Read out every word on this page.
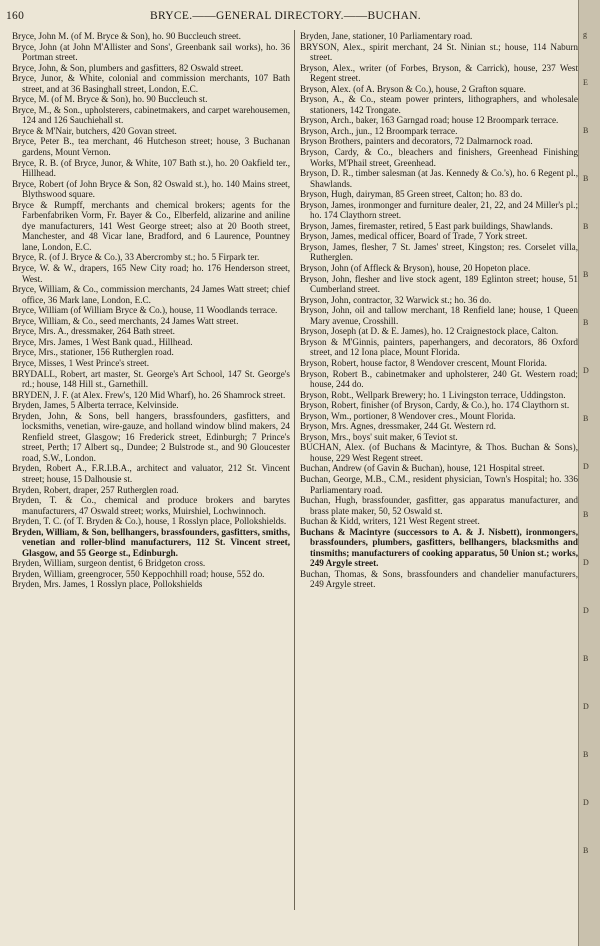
160	BRYCE.——GENERAL DIRECTORY.——BUCHAN.

Bryce, John M. (of M. Bryce & Son), ho. 90 Buccleuch street.

Bryce, John (at John M'Allister and Sons', Greenbank sail works), ho. 36 Portman street.

Bryce, John, & Son, plumbers and gasfitters, 82 Oswald street.

Bryce, Junor, & White, colonial and commission merchants, 107 Bath street, and at 36 Basinghall street, London, E.C.

Bryce, M. (of M. Bryce & Son), ho. 90 Buccleuch st.

Bryce, M., & Son., upholsterers, cabinetmakers, and carpet warehousemen, 124 and 126 Sauchiehall st.

Bryce & M'Nair, butchers, 420 Govan street.

Bryce, Peter B., tea merchant, 46 Hutcheson street; house, 3 Buchanan gardens, Mount Vernon.

Bryce, R. B. (of Bryce, Junor, & White, 107 Bath st.), ho. 20 Oakfield ter., Hillhead.

Bryce, Robert (of John Bryce & Son, 82 Oswald st.), ho. 140 Mains street, Blythswood square.

Bryce & Rumpff, merchants and chemical brokers; agents for the Farbenfabriken Vorm, Fr. Bayer & Co., Elberfeld, alizarine and aniline dye manufacturers, 141 West George street; also at 20 Booth street, Manchester, and 48 Vicar lane, Bradford, and 6 Laurence, Pountney lane, London, E.C.

Bryce, R. (of J. Bryce & Co.), 33 Abercromby st.; ho. 5 Firpark ter.

Bryce, W. & W., drapers, 165 New City road; ho. 176 Henderson street, West.

Bryce, William, & Co., commission merchants, 24 James Watt street; chief office, 36 Mark lane, London, E.C.

Bryce, William (of William Bryce & Co.), house, 11 Woodlands terrace.

Bryce, William, & Co., seed merchants, 24 James Watt street.

Bryce, Mrs. A., dressmaker, 264 Bath street.

Bryce, Mrs. James, 1 West Bank quad., Hillhead.

Bryce, Mrs., stationer, 156 Rutherglen road.

Bryce, Misses, 1 West Prince's street.

BRYDALL, Robert, art master, St. George's Art School, 147 St. George's rd.; house, 148 Hill st., Garnethill.

BRYDEN, J. F. (at Alex. Frew's, 120 Mid Wharf), ho. 26 Shamrock street.

Bryden, James, 5 Alberta terrace, Kelvinside.

Bryden, John, & Sons, bell hangers, brassfounders, gasfitters, and locksmiths, venetian, wire-gauze, and holland window blind makers, 24 Renfield street, Glasgow; 16 Frederick street, Edinburgh; 7 Prince's street, Perth; 17 Albert sq., Dundee; 2 Bulstrode st., and 90 Gloucester road, S.W., London.

Bryden, Robert A., F.R.I.B.A., architect and valuator, 212 St. Vincent street; house, 15 Dalhousie st.

Bryden, Robert, draper, 257 Rutherglen road.

Bryden, T. & Co., chemical and produce brokers and barytes manufacturers, 47 Oswald street; works, Muirshiel, Lochwinnoch.

Bryden, T. C. (of T. Bryden & Co.), house, 1 Rosslyn place, Pollokshields.

Bryden, William, & Son, bellhangers, brassfounders, gasfitters, smiths, venetian and roller-blind manufacturers, 112 St. Vincent street, Glasgow, and 55 George st., Edinburgh.

Bryden, William, surgeon dentist, 6 Bridgeton cross.

Bryden, William, greengrocer, 550 Keppochhill road; house, 552 do.

Bryden, Mrs. James, 1 Rosslyn place, Pollokshields

Bryden, Jane, stationer, 10 Parliamentary road.

BRYSON, Alex., spirit merchant, 24 St. Ninian st.; house, 114 Naburn street.

Bryson, Alex., writer (of Forbes, Bryson, & Carrick), house, 237 West Regent street.

Bryson, Alex. (of A. Bryson & Co.), house, 2 Grafton square.

Bryson, A., & Co., steam power printers, lithographers, and wholesale stationers, 142 Trongate.

Bryson, Arch., baker, 163 Garngad road; house 12 Broompark terrace.

Bryson, Arch., jun., 12 Broompark terrace.

Bryson Brothers, painters and decorators, 72 Dalmarnock road.

Bryson, Cardy, & Co., bleachers and finishers, Greenhead Finishing Works, M'Phail street, Greenhead.

Bryson, D. R., timber salesman (at Jas. Kennedy & Co.'s), ho. 6 Regent pl., Shawlands.

Bryson, Hugh, dairyman, 85 Green street, Calton; ho. 83 do.

Bryson, James, ironmonger and furniture dealer, 21, 22, and 24 Miller's pl.; ho. 174 Claythorn street.

Bryson, James, firemaster, retired, 5 East park buildings, Shawlands.

Bryson, James, medical officer, Board of Trade, 7 York street.

Bryson, James, flesher, 7 St. James' street, Kingston; res. Corselet villa, Rutherglen.

Bryson, John (of Affleck & Bryson), house, 20 Hopeton place.

Bryson, John, flesher and live stock agent, 189 Eglinton street; house, 51 Cumberland street.

Bryson, John, contractor, 32 Warwick st.; ho. 36 do.

Bryson, John, oil and tallow merchant, 18 Renfield lane; house, 1 Queen Mary avenue, Crosshill.

Bryson, Joseph (at D. & E. James), ho. 12 Craignestock place, Calton.

Bryson & M'Ginnis, painters, paperhangers, and decorators, 86 Oxford street, and 12 Iona place, Mount Florida.

Bryson, Robert, house factor, 8 Wendover crescent, Mount Florida.

Bryson, Robert B., cabinetmaker and upholsterer, 240 Gt. Western road; house, 244 do.

Bryson, Robt., Wellpark Brewery; ho. 1 Livingston terrace, Uddingston.

Bryson, Robert, finisher (of Bryson, Cardy, & Co.), ho. 174 Claythorn st.

Bryson, Wm., portioner, 8 Wendover cres., Mount Florida.

Bryson, Mrs. Agnes, dressmaker, 244 Gt. Western rd.

Bryson, Mrs., boys' suit maker, 6 Teviot st.

BUCHAN, Alex. (of Buchans & Macintyre, & Thos. Buchan & Sons), house, 229 West Regent street.

Buchan, Andrew (of Gavin & Buchan), house, 121 Hospital street.

Buchan, George, M.B., C.M., resident physician, Town's Hospital; ho. 336 Parliamentary road.

Buchan, Hugh, brassfounder, gasfitter, gas apparatus manufacturer, and brass plate maker, 50, 52 Oswald st.

Buchan & Kidd, writers, 121 West Regent street.

Buchans & Macintyre (successors to A. & J. Nisbett), ironmongers, brassfounders, plumbers, gasfitters, bellhangers, blacksmiths and tinsmiths; manufacturers of cooking apparatus, 50 Union st.; works, 249 Argyle street.

Buchan, Thomas, & Sons, brassfounders and chandelier manufacturers, 249 Argyle street.

g
E
B
B
B
B
B
D
B
D
B
D
D
B
D
B
D
B
